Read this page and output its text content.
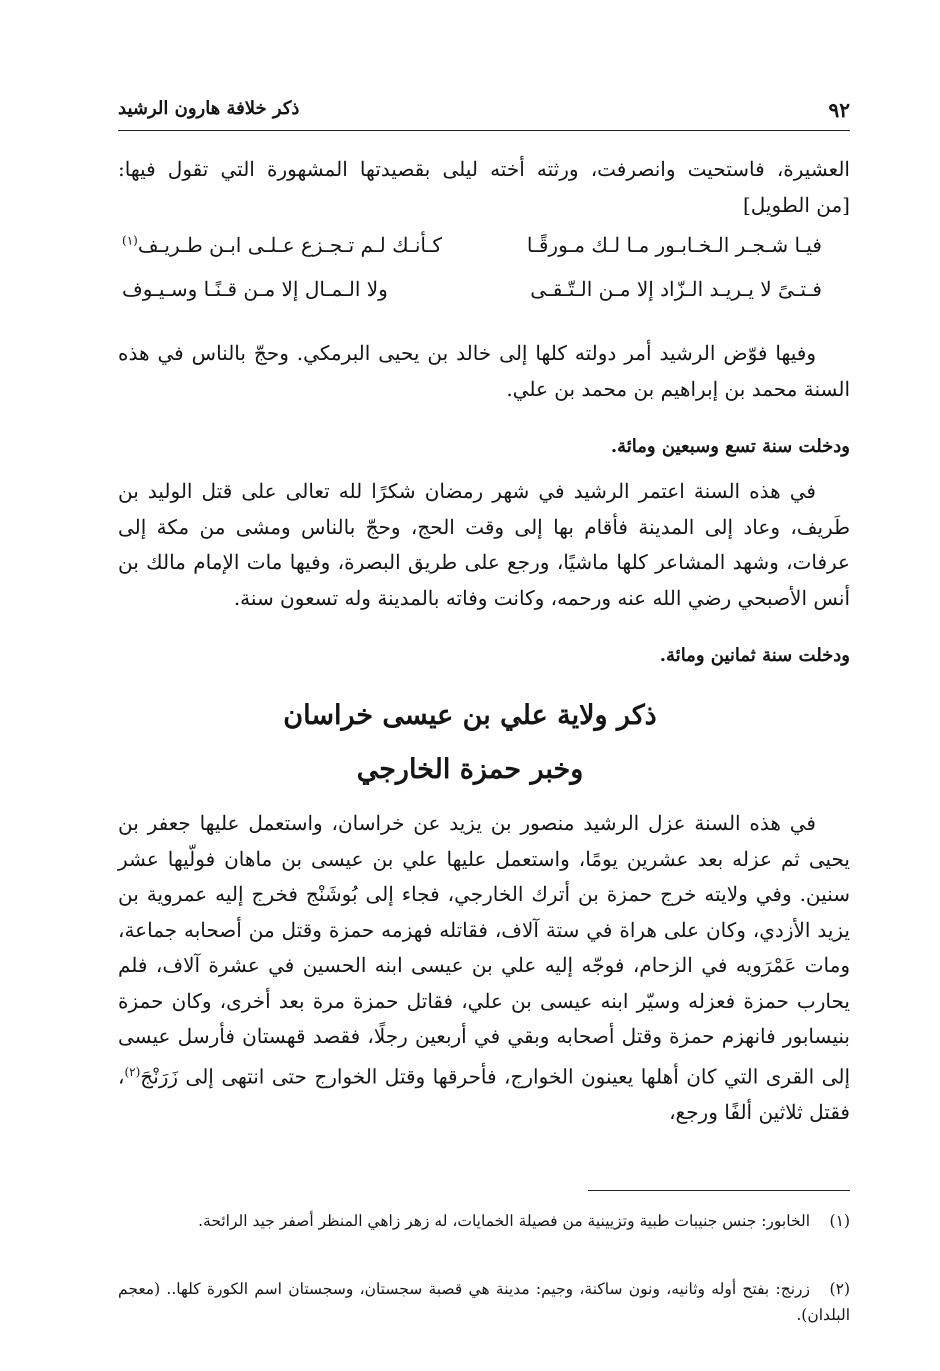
٩٢
ذكر خلافة هارون الرشيد
العشيرة، فاستحيت وانصرفت، ورثته أخته ليلى بقصيدتها المشهورة التي تقول فيها: [من الطويل]
فيـا شـجـر الـخـابـور مـا لـك مـورقًـا
كـأنـك لـم تـجـزع عـلـى ابـن طـريـف$^{(١)}$
فـتـىً لا يـريـد الـزّاد إلا مـن الـتّـقـى
ولا الـمـال إلا مـن قـنًـا وسـيـوف
وفيها فوّض الرشيد أمر دولته كلها إلى خالد بن يحيى البرمكي. وحجّ بالناس في هذه السنة محمد بن إبراهيم بن محمد بن علي.
ودخلت سنة تسع وسبعين ومائة.
في هذه السنة اعتمر الرشيد في شهر رمضان شكرًا لله تعالى على قتل الوليد بن طَريف، وعاد إلى المدينة فأقام بها إلى وقت الحج، وحجّ بالناس ومشى من مكة إلى عرفات، وشهد المشاعر كلها ماشيًا، ورجع على طريق البصرة، وفيها مات الإمام مالك بن أنس الأصبحي رضي الله عنه ورحمه، وكانت وفاته بالمدينة وله تسعون سنة.
ودخلت سنة ثمانين ومائة.
ذكر ولاية علي بن عيسى خراسان
وخبر حمزة الخارجي
في هذه السنة عزل الرشيد منصور بن يزيد عن خراسان، واستعمل عليها جعفر بن يحيى ثم عزله بعد عشرين يومًا، واستعمل عليها علي بن عيسى بن ماهان فولّيها عشر سنين. وفي ولايته خرج حمزة بن أترك الخارجي، فجاء إلى بُوشَنْج فخرج إليه عمروية بن يزيد الأزدي، وكان على هراة في ستة آلاف، فقاتله فهزمه حمزة وقتل من أصحابه جماعة، ومات عَمْرَويه في الزحام، فوجّه إليه علي بن عيسى ابنه الحسين في عشرة آلاف، فلم يحارب حمزة فعزله وسيّر ابنه عيسى بن علي، فقاتل حمزة مرة بعد أخرى، وكان حمزة بنيسابور فانهزم حمزة وقتل أصحابه وبقي في أربعين رجلًا، فقصد قهستان فأرسل عيسى إلى القرى التي كان أهلها يعينون الخوارج، فأحرقها وقتل الخوارج حتى انتهى إلى زَرَنْجَ$^{(٢)}$، فقتل ثلاثين ألفًا ورجع،
(١)الخابور: جنس جنيبات طبية وتزيينية من فصيلة الخمايات، له زهر زاهي المنظر أصفر جيد الرائحة.
(٢)زرنج: بفتح أوله وثانيه، ونون ساكنة، وجيم: مدينة هي قصبة سجستان، وسجستان اسم الكورة كلها.. (معجم البلدان).
